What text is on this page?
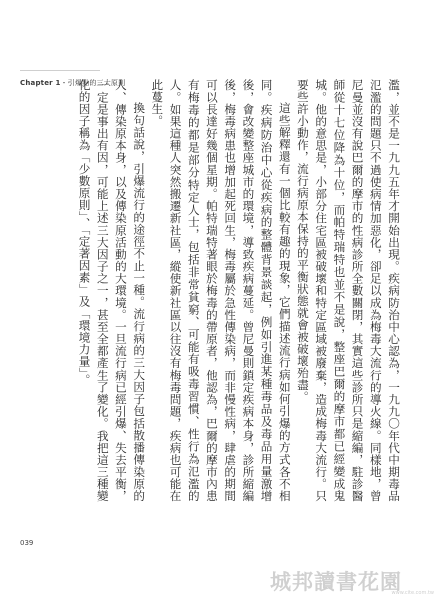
Chapter 1・引爆點的三大原則	濫，並不是一九九五年才開始出現。疾病防治中心認為，一九九〇年代中期毒品氾濫的問題只不過使病情加惡化，卻足以成為梅毒大流行的導火線。同樣地，曾尼曼並沒有說巴爾的摩市的性病診所全數關閉，其實這些診所只是縮編，駐診醫師從十七位降為十位，而帕特瑞特也並不是說，整座巴爾的摩市都已經變成鬼城。他的意思是，小部分住宅區被破壞和特定區域被廢棄，造成梅毒大流行。只要些許小動作，流行病原本保持的平衡狀態就會被破壞殆盡。

這些解釋還有一個比較有趣的現象，它們描述流行病如何引爆的方式各不相同。疾病防治中心從疾病的整體背景談起，例如引進某種毒品及毒品用量激增後，會改變整座城市的環境，導致疾病蔓延。曾尼曼則鎖定疾病本身，診所縮編後，梅毒病患也增加起死回生，梅毒屬於急性傳染病，而非慢性病，肆虐的期間可以長達好幾個星期。帕特瑞特著眼於梅毒的帶原者，他認為，巴爾的摩市內患有梅毒的都是部分特定人士，包括非常貧窮、可能有吸毒習慣、性行為氾濫的人。如果這種人突然搬遷新社區，縱使新社區以往沒有梅毒問題，疾病也可能在此蔓生。

換句話說，引爆流行的途徑不止一種。流行病的三大因子包括散播傳染原的人、傳染原本身，以及傳染原活動的大環境。一旦流行病已經引爆、失去平衡，一定是事出有因，可能上述三大因子之一，甚至全都產生了變化。我把這三種變化的因子稱為「少數原則」、「定著因素」及「環境力量」。

039
城邦讀書花園
www.cite.com.tw
